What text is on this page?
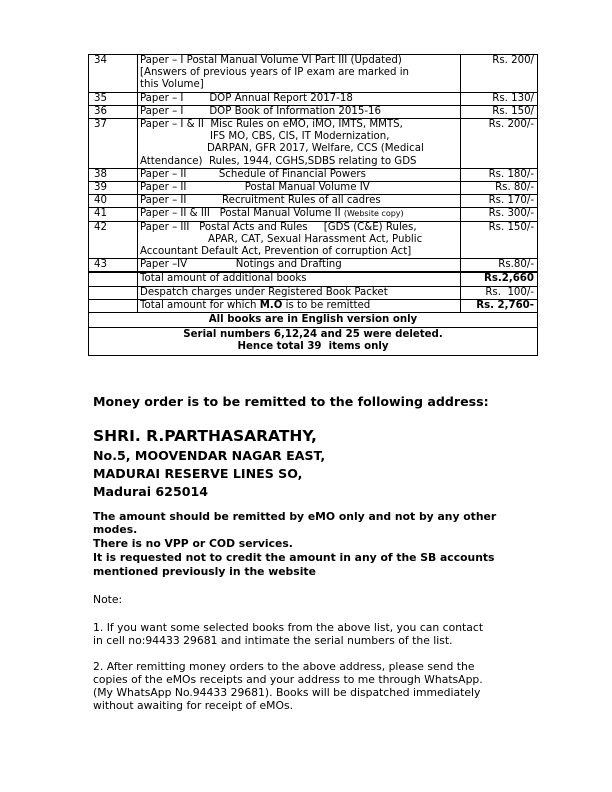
34	Paper – I Postal Manual Volume VI Part III (Updated)
[Answers of previous years of IP exam are marked in
this Volume]	Rs. 200/
35	Paper – I        DOP Annual Report 2017-18	Rs. 130/
36	Paper – I        DOP Book of Information 2015-16	Rs. 150/
37	Paper – I & II  Misc Rules on eMO, iMO, IMTS, MMTS,
IFS MO, CBS, CIS, IT Modernization,
DARPAN, GFR 2017, Welfare, CCS (Medical
Attendance)  Rules, 1944, CGHS,SDBS relating to GDS	Rs. 200/-
38	Paper – II          Schedule of Financial Powers	Rs. 180/-
39	Paper – II                  Postal Manual Volume IV	Rs. 80/-
40	Paper – II           Recruitment Rules of all cadres	Rs. 170/-
41	Paper – II & III   Postal Manual Volume II (Website copy)	Rs. 300/-
42	Paper – III   Postal Acts and Rules     [GDS (C&E) Rules,
APAR, CAT, Sexual Harassment Act, Public
Accountant Default Act, Prevention of corruption Act]	Rs. 150/-
43	Paper –IV               Notings and Drafting	Rs.80/-
	Total amount of additional books	Rs.2,660
	Despatch charges under Registered Book Packet	Rs.  100/-
	Total amount for which M.O is to be remitted	Rs. 2,760-
All books are in English version only		

Serial numbers 6,12,24 and 25 were deleted.
Hence total 39  items only		
Money order is to be remitted to the following address:
SHRI. R.PARTHASARATHY,
No.5, MOOVENDAR NAGAR EAST,
MADURAI RESERVE LINES SO,
Madurai 625014
The amount should be remitted by eMO only and not by any other
modes.
There is no VPP or COD services.
It is requested not to credit the amount in any of the SB accounts
mentioned previously in the website
Note:
1. If you want some selected books from the above list, you can contact
in cell no:94433 29681 and intimate the serial numbers of the list.
2. After remitting money orders to the above address, please send the
copies of the eMOs receipts and your address to me through WhatsApp.
(My WhatsApp No.94433 29681). Books will be dispatched immediately
without awaiting for receipt of eMOs.
